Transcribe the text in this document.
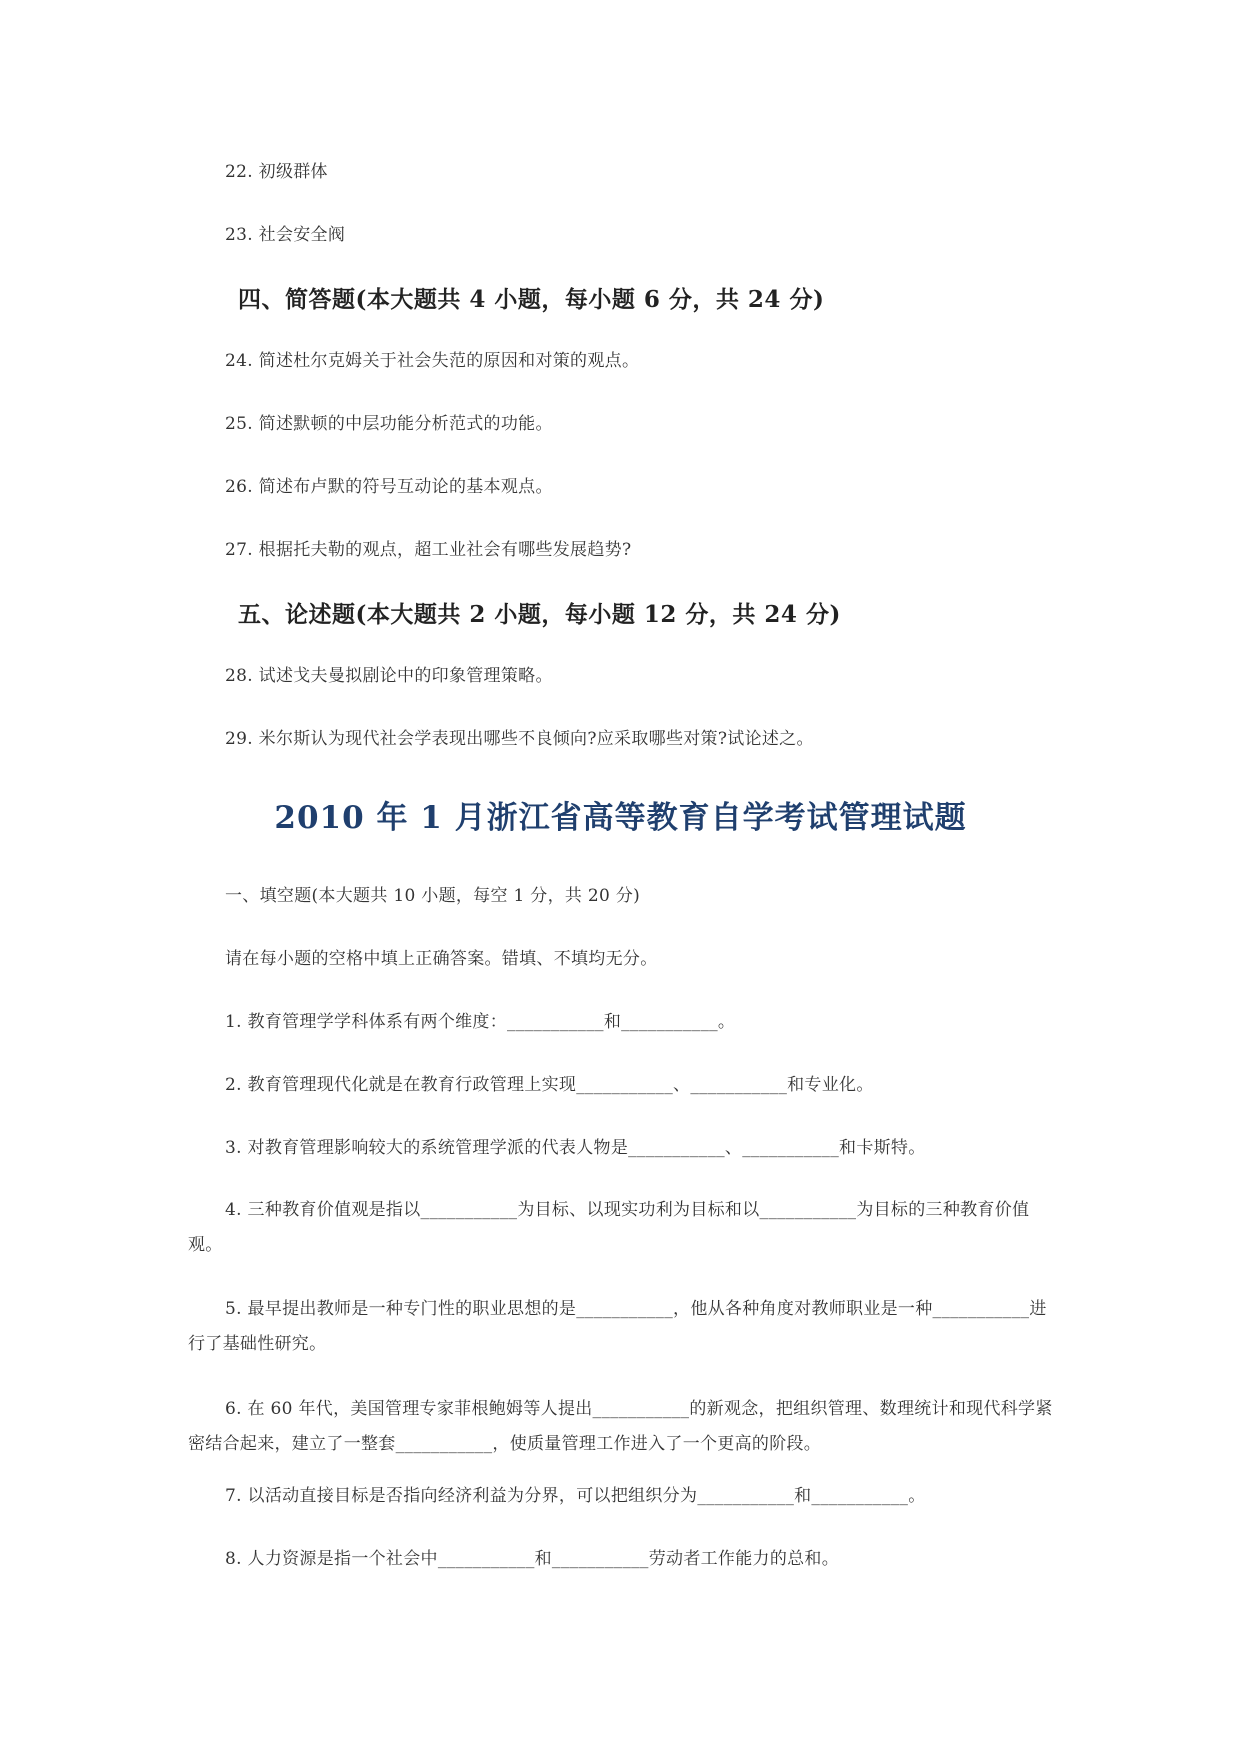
22. 初级群体
23. 社会安全阀
四、简答题(本大题共 4 小题，每小题 6 分，共 24 分)
24. 简述杜尔克姆关于社会失范的原因和对策的观点。
25. 简述默顿的中层功能分析范式的功能。
26. 简述布卢默的符号互动论的基本观点。
27. 根据托夫勒的观点，超工业社会有哪些发展趋势?
五、论述题(本大题共 2 小题，每小题 12 分，共 24 分)
28. 试述戈夫曼拟剧论中的印象管理策略。
29. 米尔斯认为现代社会学表现出哪些不良倾向?应采取哪些对策?试论述之。
2010 年 1 月浙江省高等教育自学考试管理试题
一、填空题(本大题共 10 小题，每空 1 分，共 20 分)
请在每小题的空格中填上正确答案。错填、不填均无分。
1. 教育管理学学科体系有两个维度：___________和___________。
2. 教育管理现代化就是在教育行政管理上实现___________、___________和专业化。
3. 对教育管理影响较大的系统管理学派的代表人物是___________、___________和卡斯特。
4. 三种教育价值观是指以___________为目标、以现实功利为目标和以___________为目标的三种教育价值观。
5. 最早提出教师是一种专门性的职业思想的是___________，他从各种角度对教师职业是一种___________进行了基础性研究。
6. 在 60 年代，美国管理专家菲根鲍姆等人提出___________的新观念，把组织管理、数理统计和现代科学紧密结合起来，建立了一整套___________，使质量管理工作进入了一个更高的阶段。
7. 以活动直接目标是否指向经济利益为分界，可以把组织分为___________和___________。
8. 人力资源是指一个社会中___________和___________劳动者工作能力的总和。
